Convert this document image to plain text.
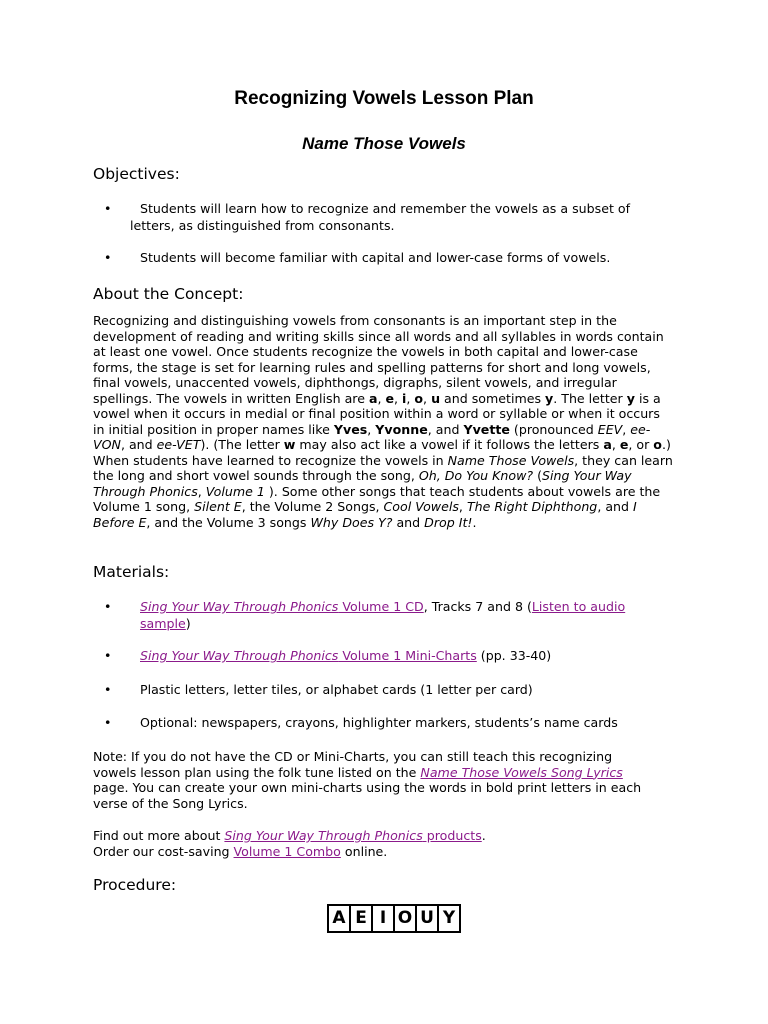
Recognizing Vowels Lesson Plan
Name Those Vowels
Objectives:
•	Students will learn how to recognize and remember the vowels as a subset of
letters, as distinguished from consonants.
•	Students will become familiar with capital and lower-case forms of vowels.
About the Concept:
Recognizing and distinguishing vowels from consonants is an important step in the development of reading and writing skills since all words and all syllables in words contain at least one vowel. Once students recognize the vowels in both capital and lower-case forms, the stage is set for learning rules and spelling patterns for short and long vowels, final vowels, unaccented vowels, diphthongs, digraphs, silent vowels, and irregular spellings. The vowels in written English are a, e, i, o, u and sometimes y. The letter y is a vowel when it occurs in medial or final position within a word or syllable or when it occurs in initial position in proper names like Yves, Yvonne, and Yvette (pronounced EEV, ee-VON, and ee-VET). (The letter w may also act like a vowel if it follows the letters a, e, or o.) When students have learned to recognize the vowels in Name Those Vowels, they can learn the long and short vowel sounds through the song, Oh, Do You Know? (Sing Your Way Through Phonics, Volume 1 ). Some other songs that teach students about vowels are the Volume 1 song, Silent E, the Volume 2 Songs, Cool Vowels, The Right Diphthong, and I Before E, and the Volume 3 songs Why Does Y? and Drop It!.
Materials:
•	Sing Your Way Through Phonics Volume 1 CD, Tracks 7 and 8 (Listen to audio sample)
•	Sing Your Way Through Phonics Volume 1 Mini-Charts (pp. 33-40)
•	Plastic letters, letter tiles, or alphabet cards (1 letter per card)
•	Optional: newspapers, crayons, highlighter markers, students’s name cards
Note: If you do not have the CD or Mini-Charts, you can still teach this recognizing vowels lesson plan using the folk tune listed on the Name Those Vowels Song Lyrics page. You can create your own mini-charts using the words in bold print letters in each verse of the Song Lyrics.
Find out more about Sing Your Way Through Phonics products.
Order our cost-saving Volume 1 Combo online.
Procedure:
A E I O U Y
